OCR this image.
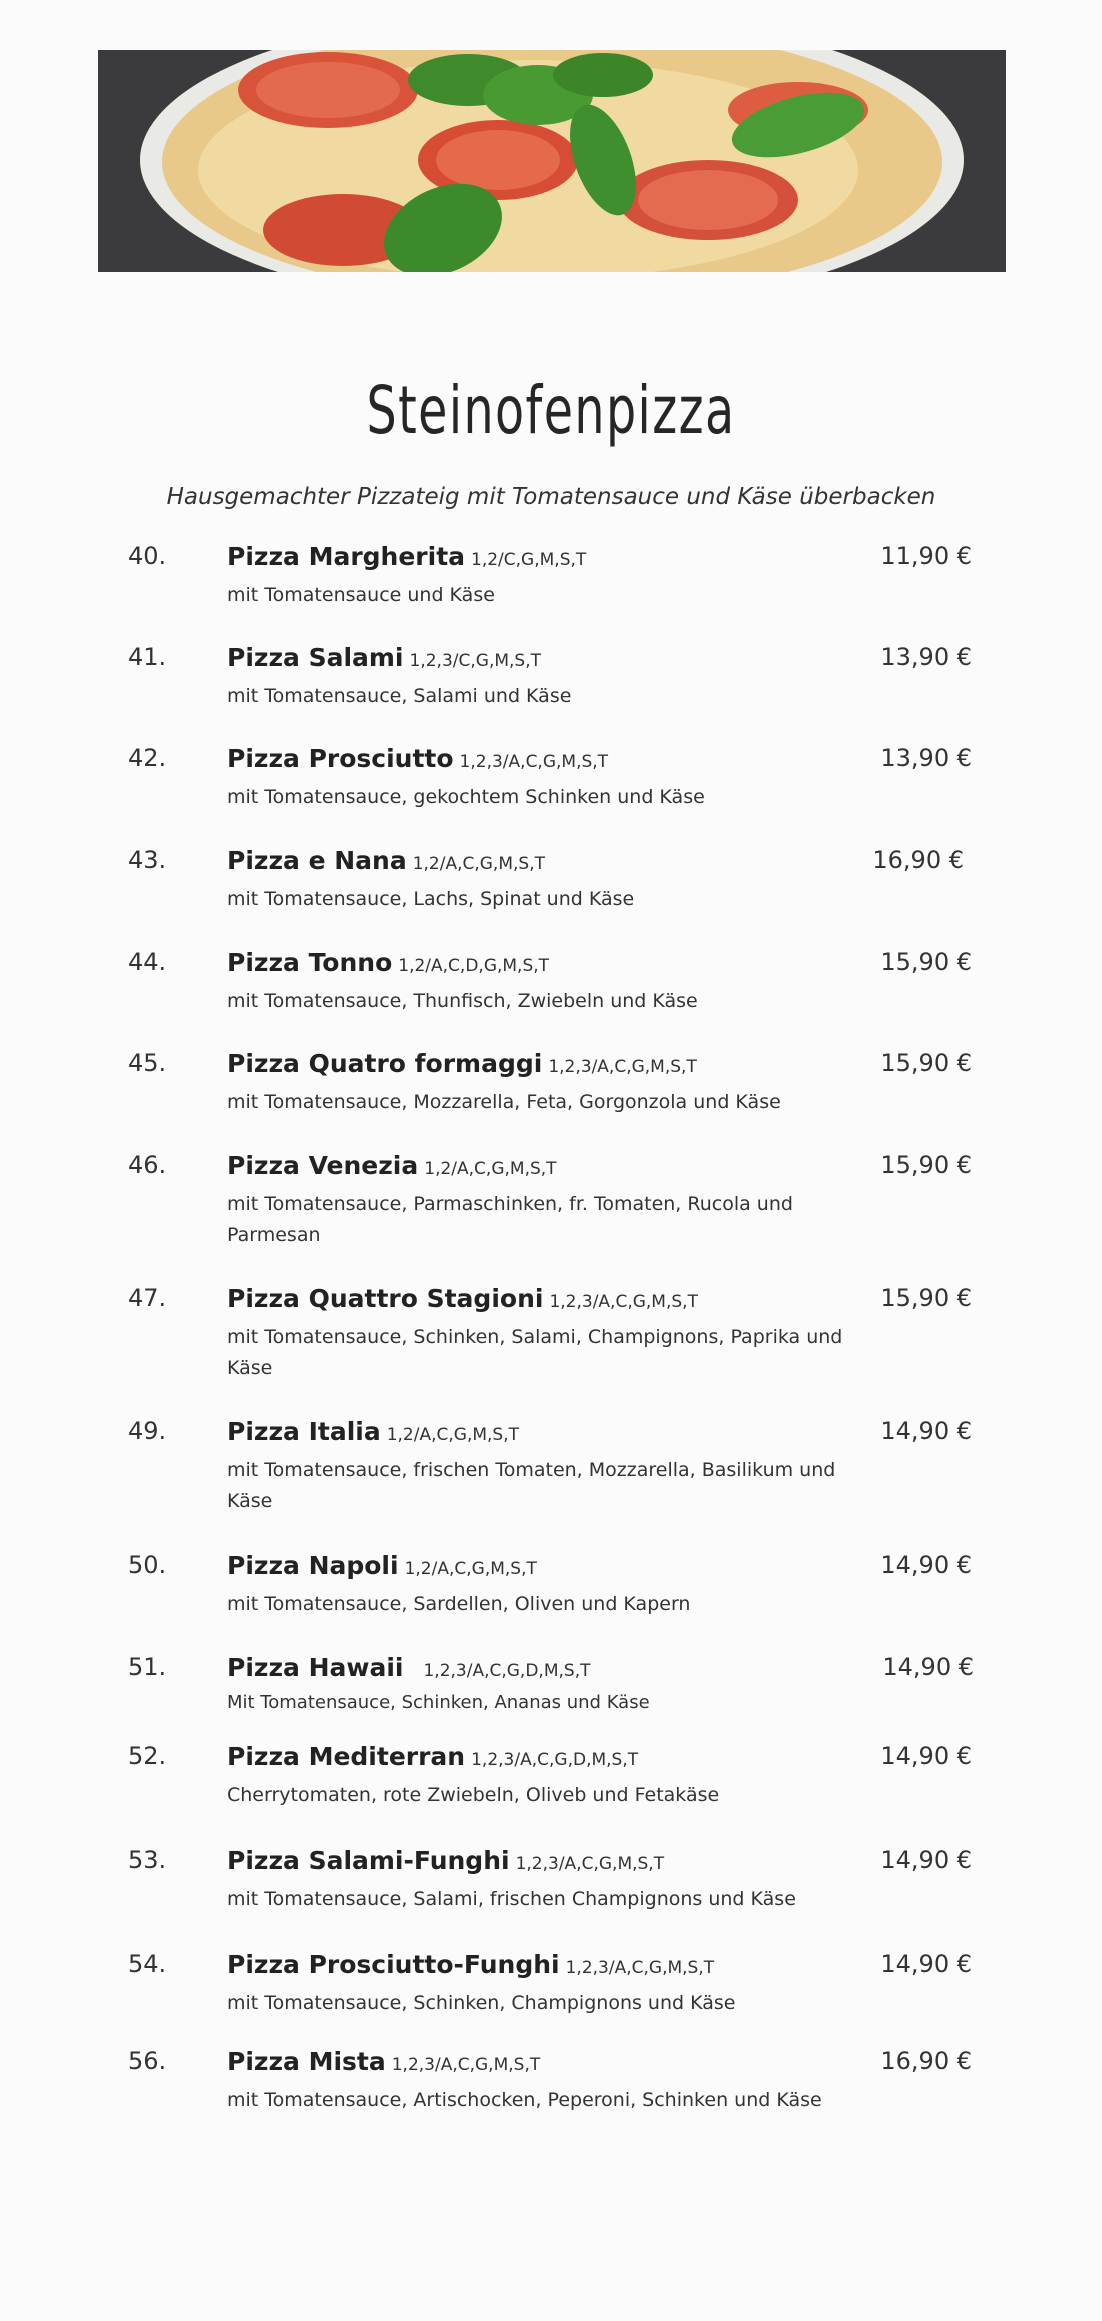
Steinofenpizza
Hausgemachter Pizzateig mit Tomatensauce und Käse überbacken
40. Pizza Margherita 1,2/C,G,M,S,T	11,90 €
mit Tomatensauce und Käse
41. Pizza Salami 1,2,3/C,G,M,S,T	13,90 €
mit Tomatensauce, Salami und Käse
42. Pizza Prosciutto 1,2,3/A,C,G,M,S,T	13,90 €
mit Tomatensauce, gekochtem Schinken und Käse
43. Pizza e Nana 1,2/A,C,G,M,S,T	16,90 €
mit Tomatensauce, Lachs, Spinat und Käse
44. Pizza Tonno 1,2/A,C,D,G,M,S,T	15,90 €
mit Tomatensauce, Thunfisch, Zwiebeln und Käse
45. Pizza Quatro formaggi 1,2,3/A,C,G,M,S,T	15,90 €
mit Tomatensauce, Mozzarella, Feta, Gorgonzola und Käse
46. Pizza Venezia 1,2/A,C,G,M,S,T	15,90 €
mit Tomatensauce, Parmaschinken, fr. Tomaten, Rucola und Parmesan
47. Pizza Quattro Stagioni 1,2,3/A,C,G,M,S,T	15,90 €
mit Tomatensauce, Schinken, Salami, Champignons, Paprika und Käse
49. Pizza Italia 1,2/A,C,G,M,S,T	14,90 €
mit Tomatensauce, frischen Tomaten, Mozzarella, Basilikum und Käse
50. Pizza Napoli 1,2/A,C,G,M,S,T	14,90 €
mit Tomatensauce, Sardellen, Oliven und Kapern
51. Pizza Hawaii 1,2,3/A,C,G,D,M,S,T	14,90 €
Mit Tomatensauce, Schinken, Ananas und Käse
52. Pizza Mediterran 1,2,3/A,C,G,D,M,S,T	14,90 €
Cherrytomaten, rote Zwiebeln, Oliveb und Fetakäse
53. Pizza Salami-Funghi 1,2,3/A,C,G,M,S,T	14,90 €
mit Tomatensauce, Salami, frischen Champignons und Käse
54. Pizza Prosciutto-Funghi 1,2,3/A,C,G,M,S,T	14,90 €
mit Tomatensauce, Schinken, Champignons und Käse
56. Pizza Mista 1,2,3/A,C,G,M,S,T	16,90 €
mit Tomatensauce, Artischocken, Peperoni, Schinken und Käse
